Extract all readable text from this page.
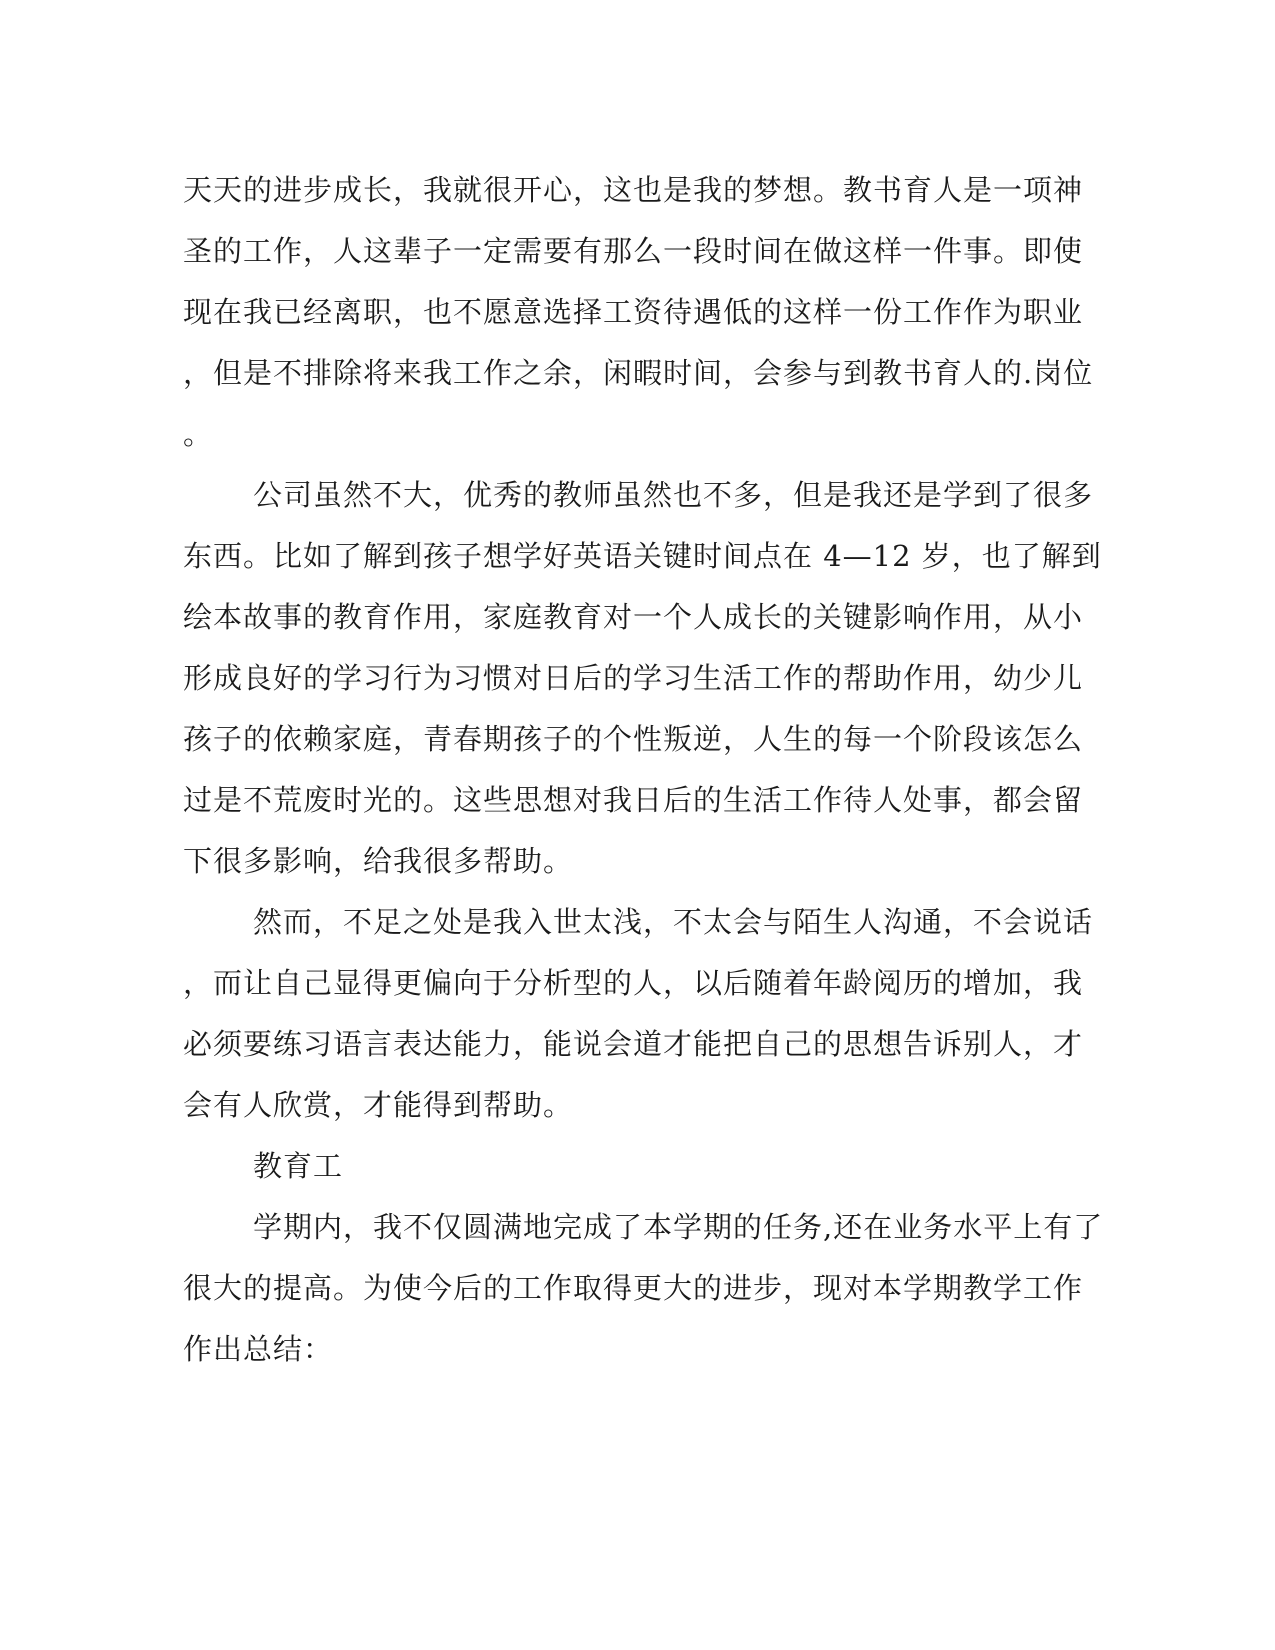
天天的进步成长，我就很开心，这也是我的梦想。教书育人是一项神
圣的工作，人这辈子一定需要有那么一段时间在做这样一件事。即使
现在我已经离职，也不愿意选择工资待遇低的这样一份工作作为职业
，但是不排除将来我工作之余，闲暇时间，会参与到教书育人的.岗位
。
公司虽然不大，优秀的教师虽然也不多，但是我还是学到了很多
东西。比如了解到孩子想学好英语关键时间点在 4—12 岁，也了解到
绘本故事的教育作用，家庭教育对一个人成长的关键影响作用，从小
形成良好的学习行为习惯对日后的学习生活工作的帮助作用，幼少儿
孩子的依赖家庭，青春期孩子的个性叛逆，人生的每一个阶段该怎么
过是不荒废时光的。这些思想对我日后的生活工作待人处事，都会留
下很多影响，给我很多帮助。
然而，不足之处是我入世太浅，不太会与陌生人沟通，不会说话
，而让自己显得更偏向于分析型的人，以后随着年龄阅历的增加，我
必须要练习语言表达能力，能说会道才能把自己的思想告诉别人，才
会有人欣赏，才能得到帮助。
教育工
学期内，我不仅圆满地完成了本学期的任务,还在业务水平上有了
很大的提高。为使今后的工作取得更大的进步，现对本学期教学工作
作出总结：
